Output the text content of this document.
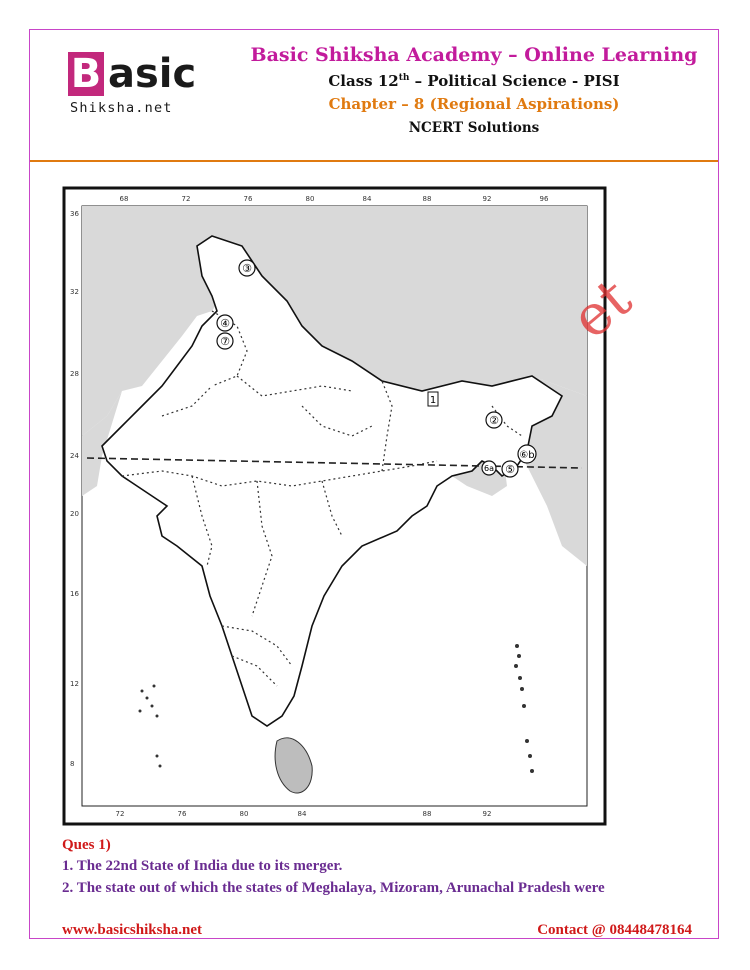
B asic
Shiksha.net
Basic Shiksha Academy – Online Learning
Class 12th – Political Science - PISI
Chapter – 8 (Regional Aspirations)
NCERT Solutions
③
④
⑦
1
②
⑥b
⑤
6a
68	72	76	80	84	88	92	96
72	76	80	84	88	92
36
32
28
24
20
16
12
8
et
Ques 1)
1. The 22nd State of India due to its merger.
2. The state out of which the states of Meghalaya, Mizoram, Arunachal Pradesh were
www.basicshiksha.net	Contact @ 08448478164
